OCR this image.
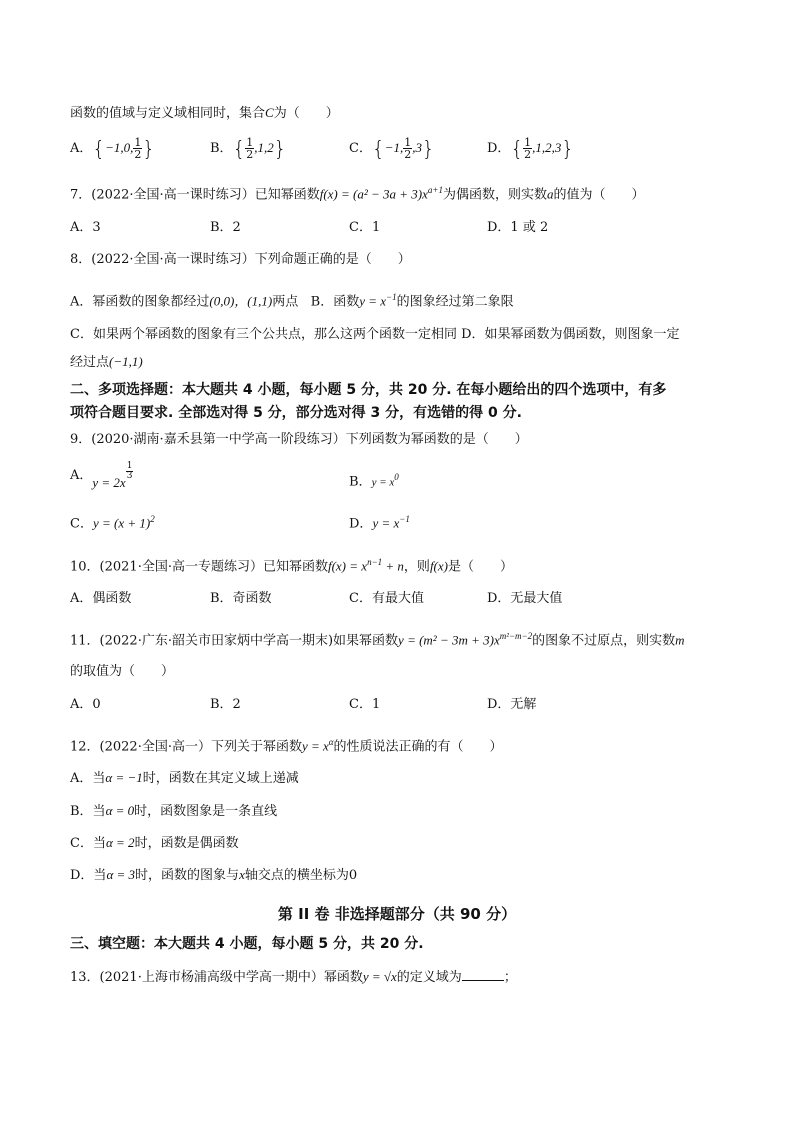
函数的值域与定义域相同时，集合C为（　　）
A．{−1,0, $\frac{1}{2}$ }	B．{ $\frac{1}{2} ,1,2$}	C．{−1, $\frac{1}{2} ,3$}	D．{ $\frac{1}{2} ,1,2,3$}
7．(2022·全国·高一课时练习）已知幂函数$f(x) = (a^2 - 3a + 3)x^{a+1}$为偶函数，则实数a的值为（　　）
A．3	B．2	C．1	D．1 或 2
8．(2022·全国·高一课时练习）下列命题正确的是（　　）
A．幂函数的图象都经过(0,0)，(1,1)两点 B．函数$y = x^{-1}$的图象经过第二象限
C．如果两个幂函数的图象有三个公共点，那么这两个函数一定相同 D．如果幂函数为偶函数，则图象一定
经过点(−1,1)
二、多项选择题：本大题共 4 小题，每小题 5 分，共 20 分. 在每小题给出的四个选项中，有多
项符合题目要求. 全部选对得 5 分，部分选对得 3 分，有选错的得 0 分.
9．(2020·湖南·嘉禾县第一中学高一阶段练习）下列函数为幂函数的是（　　）
A．y = 2x
$\frac{1}{3}$
B．$y = x^0$
C．$y = (x + 1)^2$	D．$y = x^{-1}$
10．(2021·全国·高一专题练习）已知幂函数$f(x) = x^{n-1} + n$，则f(x)是（　　）
A．偶函数	B．奇函数	C．有最大值	D．无最大值
11．(2022·广东·韶关市田家炳中学高一期末)如果幂函数$y = (m^2 - 3m + 3)x^{m^2-m-2}$的图象不过原点，则实数m
的取值为（　　）
A．0	B．2	C．1	D．无解
12．(2022·全国·高一）下列关于幂函数$y = x^\alpha$的性质说法正确的有（　　）
A．当α = −1时，函数在其定义域上递减
B．当α = 0时，函数图象是一条直线
C．当α = 2时，函数是偶函数
D．当α = 3时，函数的图象与x轴交点的横坐标为0
第 II 卷 非选择题部分（共 90 分）
三、填空题：本大题共 4 小题，每小题 5 分，共 20 分.
13．(2021·上海市杨浦高级中学高一期中）幂函数y = √x的定义域为	；
